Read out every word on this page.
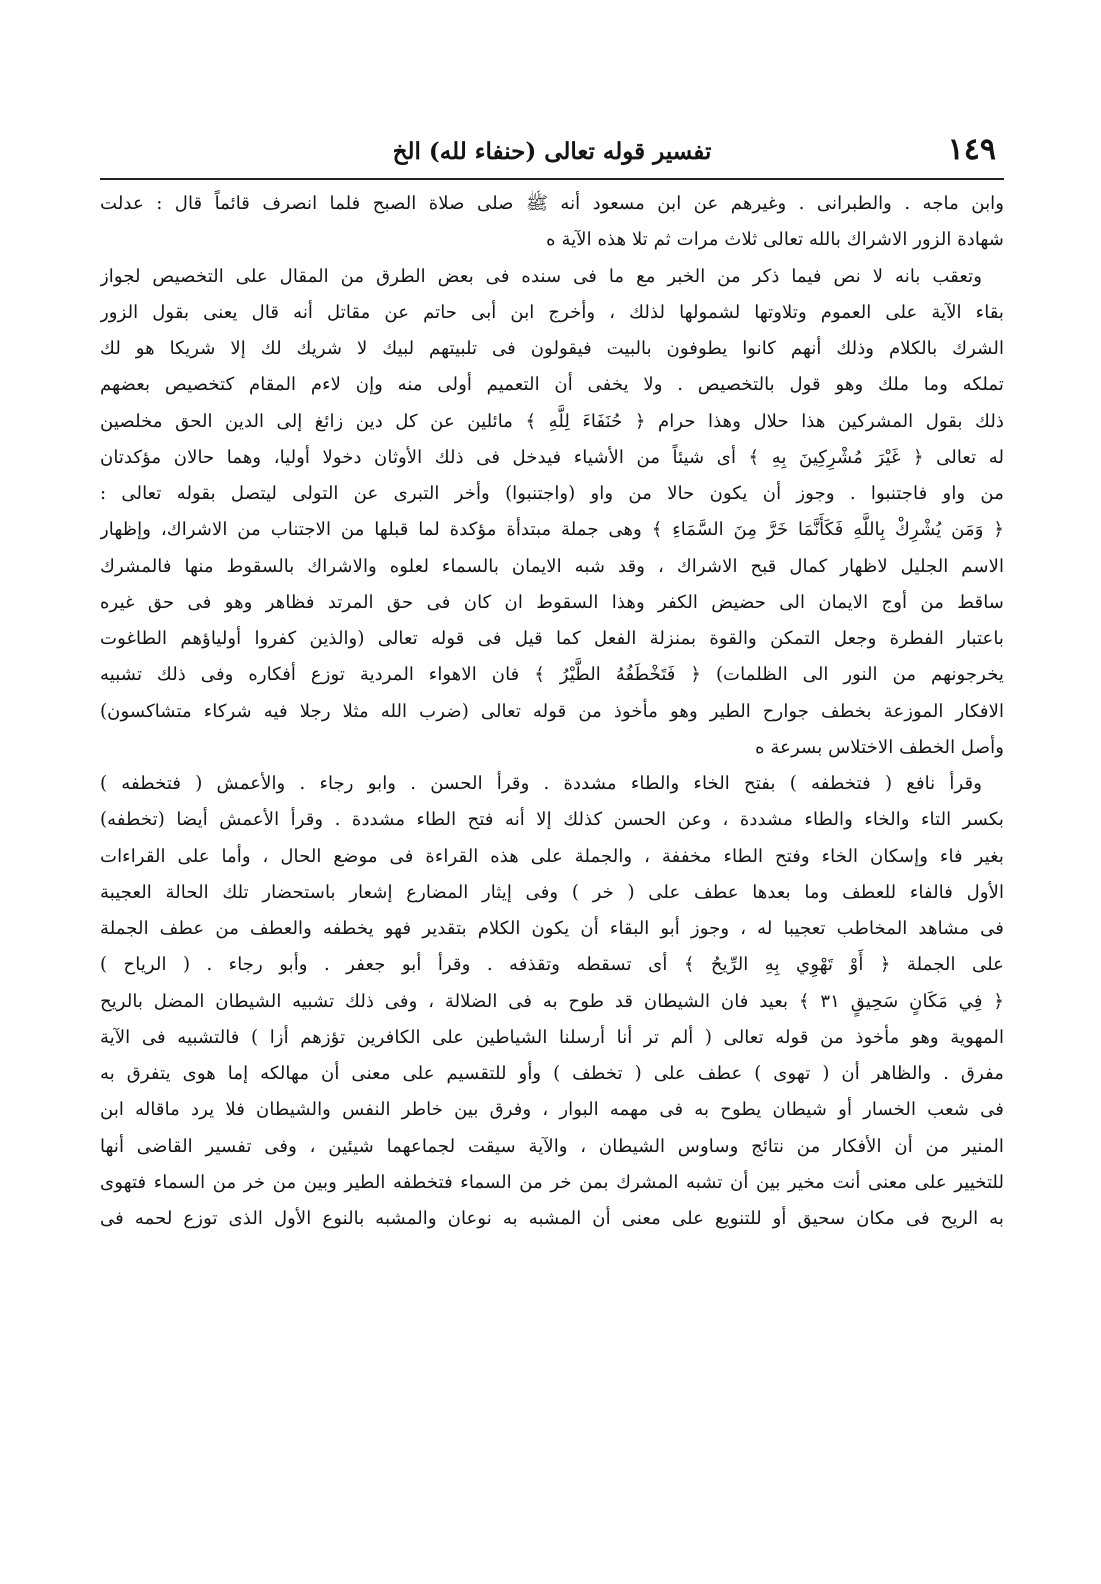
١٤٩
تفسير قوله تعالى (حنفاء لله) الخ
وابن ماجه . والطبرانى . وغيرهم عن ابن مسعود أنه ﷺ صلى صلاة الصبح فلما انصرف قائماً قال : عدلت
شهادة الزور الاشراك بالله تعالى ثلاث مرات ثم تلا هذه الآية ه
وتعقب بانه لا نص فيما ذكر من الخبر مع ما فى سنده فى بعض الطرق من المقال على التخصيص لجواز
بقاء الآية على العموم وتلاوتها لشمولها لذلك ، وأخرج ابن أبى حاتم عن مقاتل أنه قال يعنى بقول الزور
الشرك بالكلام وذلك أنهم كانوا يطوفون بالبيت فيقولون فى تلبيتهم لبيك لا شريك لك إلا شريكا هو لك
تملكه وما ملك وهو قول بالتخصيص . ولا يخفى أن التعميم أولى منه وإن لاءم المقام كتخصيص بعضهم
ذلك بقول المشركين هذا حلال وهذا حرام ﴿ حُنَفَاءَ لِلَّهِ ﴾ مائلين عن كل دين زائغ إلى الدين الحق مخلصين
له تعالى ﴿ غَيْرَ مُشْرِكِينَ بِهِ ﴾ أى شيئاً من الأشياء فيدخل فى ذلك الأوثان دخولا أوليا، وهما حالان مؤكدتان
من واو فاجتنبوا . وجوز أن يكون حالا من واو (واجتنبوا) وأخر التبرى عن التولى ليتصل بقوله تعالى :
﴿ وَمَن يُشْرِكْ بِاللَّهِ فَكَأَنَّمَا خَرَّ مِنَ السَّمَاءِ ﴾ وهى جملة مبتدأة مؤكدة لما قبلها من الاجتناب من الاشراك، وإظهار
الاسم الجليل لاظهار كمال قبح الاشراك ، وقد شبه الايمان بالسماء لعلوه والاشراك بالسقوط منها فالمشرك
ساقط من أوج الايمان الى حضيض الكفر وهذا السقوط ان كان فى حق المرتد فظاهر وهو فى حق غيره
باعتبار الفطرة وجعل التمكن والقوة بمنزلة الفعل كما قيل فى قوله تعالى (والذين كفروا أولياؤهم الطاغوت
يخرجونهم من النور الى الظلمات) ﴿ فَتَخْطَفُهُ الطَّيْرُ ﴾ فان الاهواء المردية توزع أفكاره وفى ذلك تشبيه
الافكار الموزعة بخطف جوارح الطير وهو مأخوذ من قوله تعالى (ضرب الله مثلا رجلا فيه شركاء متشاكسون)
وأصل الخطف الاختلاس بسرعة ه
وقرأ نافع ( فتخطفه ) بفتح الخاء والطاء مشددة . وقرأ الحسن . وابو رجاء . والأعمش ( فتخطفه )
بكسر التاء والخاء والطاء مشددة ، وعن الحسن كذلك إلا أنه فتح الطاء مشددة . وقرأ الأعمش أيضا (تخطفه)
بغير فاء وإسكان الخاء وفتح الطاء مخففة ، والجملة على هذه القراءة فى موضع الحال ، وأما على القراءات
الأول فالفاء للعطف وما بعدها عطف على ( خر ) وفى إيثار المضارع إشعار باستحضار تلك الحالة العجيبة
فى مشاهد المخاطب تعجيبا له ، وجوز أبو البقاء أن يكون الكلام بتقدير فهو يخطفه والعطف من عطف الجملة
على الجملة ﴿ أَوْ تَهْوِي بِهِ الرِّيحُ ﴾ أى تسقطه وتقذفه . وقرأ أبو جعفر . وأبو رجاء . ( الرياح )
﴿ فِي مَكَانٍ سَحِيقٍ ٣١ ﴾ بعيد فان الشيطان قد طوح به فى الضلالة ، وفى ذلك تشبيه الشيطان المضل بالريح
المهوية وهو مأخوذ من قوله تعالى ( ألم تر أنا أرسلنا الشياطين على الكافرين تؤزهم أزا ) فالتشبيه فى الآية
مفرق . والظاهر أن ( تهوى ) عطف على ( تخطف ) وأو للتقسيم على معنى أن مهالكه إما هوى يتفرق به
فى شعب الخسار أو شيطان يطوح به فى مهمه البوار ، وفرق بين خاطر النفس والشيطان فلا يرد ماقاله ابن
المنير من أن الأفكار من نتائج وساوس الشيطان ، والآية سيقت لجماعهما شيئين ، وفى تفسير القاضى أنها
للتخيير على معنى أنت مخير بين أن تشبه المشرك بمن خر من السماء فتخطفه الطير وبين من خر من السماء فتهوى
به الريح فى مكان سحيق أو للتنويع على معنى أن المشبه به نوعان والمشبه بالنوع الأول الذى توزع لحمه فى
